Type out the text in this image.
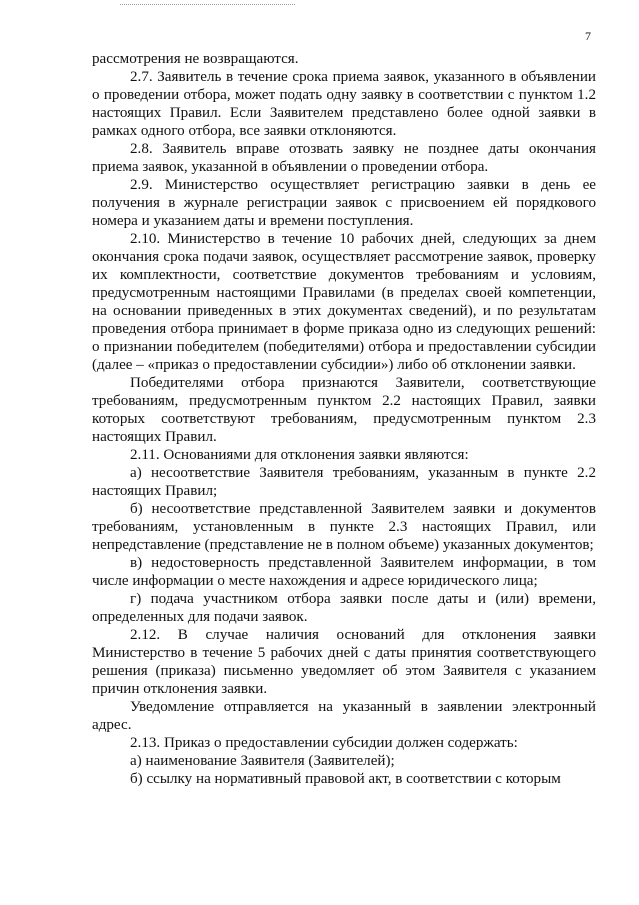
7

рассмотрения не возвращаются.

2.7. Заявитель в течение срока приема заявок, указанного в объявлении о проведении отбора, может подать одну заявку в соответствии с пунктом 1.2 настоящих Правил. Если Заявителем представлено более одной заявки в рамках одного отбора, все заявки отклоняются.

2.8. Заявитель вправе отозвать заявку не позднее даты окончания приема заявок, указанной в объявлении о проведении отбора.

2.9. Министерство осуществляет регистрацию заявки в день ее получения в журнале регистрации заявок с присвоением ей порядкового номера и указанием даты и времени поступления.

2.10. Министерство в течение 10 рабочих дней, следующих за днем окончания срока подачи заявок, осуществляет рассмотрение заявок, проверку их комплектности, соответствие документов требованиям и условиям, предусмотренным настоящими Правилами (в пределах своей компетенции, на основании приведенных в этих документах сведений), и по результатам проведения отбора принимает в форме приказа одно из следующих решений: о признании победителем (победителями) отбора и предоставлении субсидии (далее – «приказ о предоставлении субсидии») либо об отклонении заявки.

Победителями отбора признаются Заявители, соответствующие требованиям, предусмотренным пунктом 2.2 настоящих Правил, заявки которых соответствуют требованиям, предусмотренным пунктом 2.3 настоящих Правил.

2.11. Основаниями для отклонения заявки являются:

а) несоответствие Заявителя требованиям, указанным в пункте 2.2 настоящих Правил;

б) несоответствие представленной Заявителем заявки и документов требованиям, установленным в пункте 2.3 настоящих Правил, или непредставление (представление не в полном объеме) указанных документов;

в) недостоверность представленной Заявителем информации, в том числе информации о месте нахождения и адресе юридического лица;

г) подача участником отбора заявки после даты и (или) времени, определенных для подачи заявок.

2.12. В случае наличия оснований для отклонения заявки Министерство в течение 5 рабочих дней с даты принятия соответствующего решения (приказа) письменно уведомляет об этом Заявителя с указанием причин отклонения заявки.

Уведомление отправляется на указанный в заявлении электронный адрес.

2.13. Приказ о предоставлении субсидии должен содержать:

а) наименование Заявителя (Заявителей);

б) ссылку на нормативный правовой акт, в соответствии с которым
